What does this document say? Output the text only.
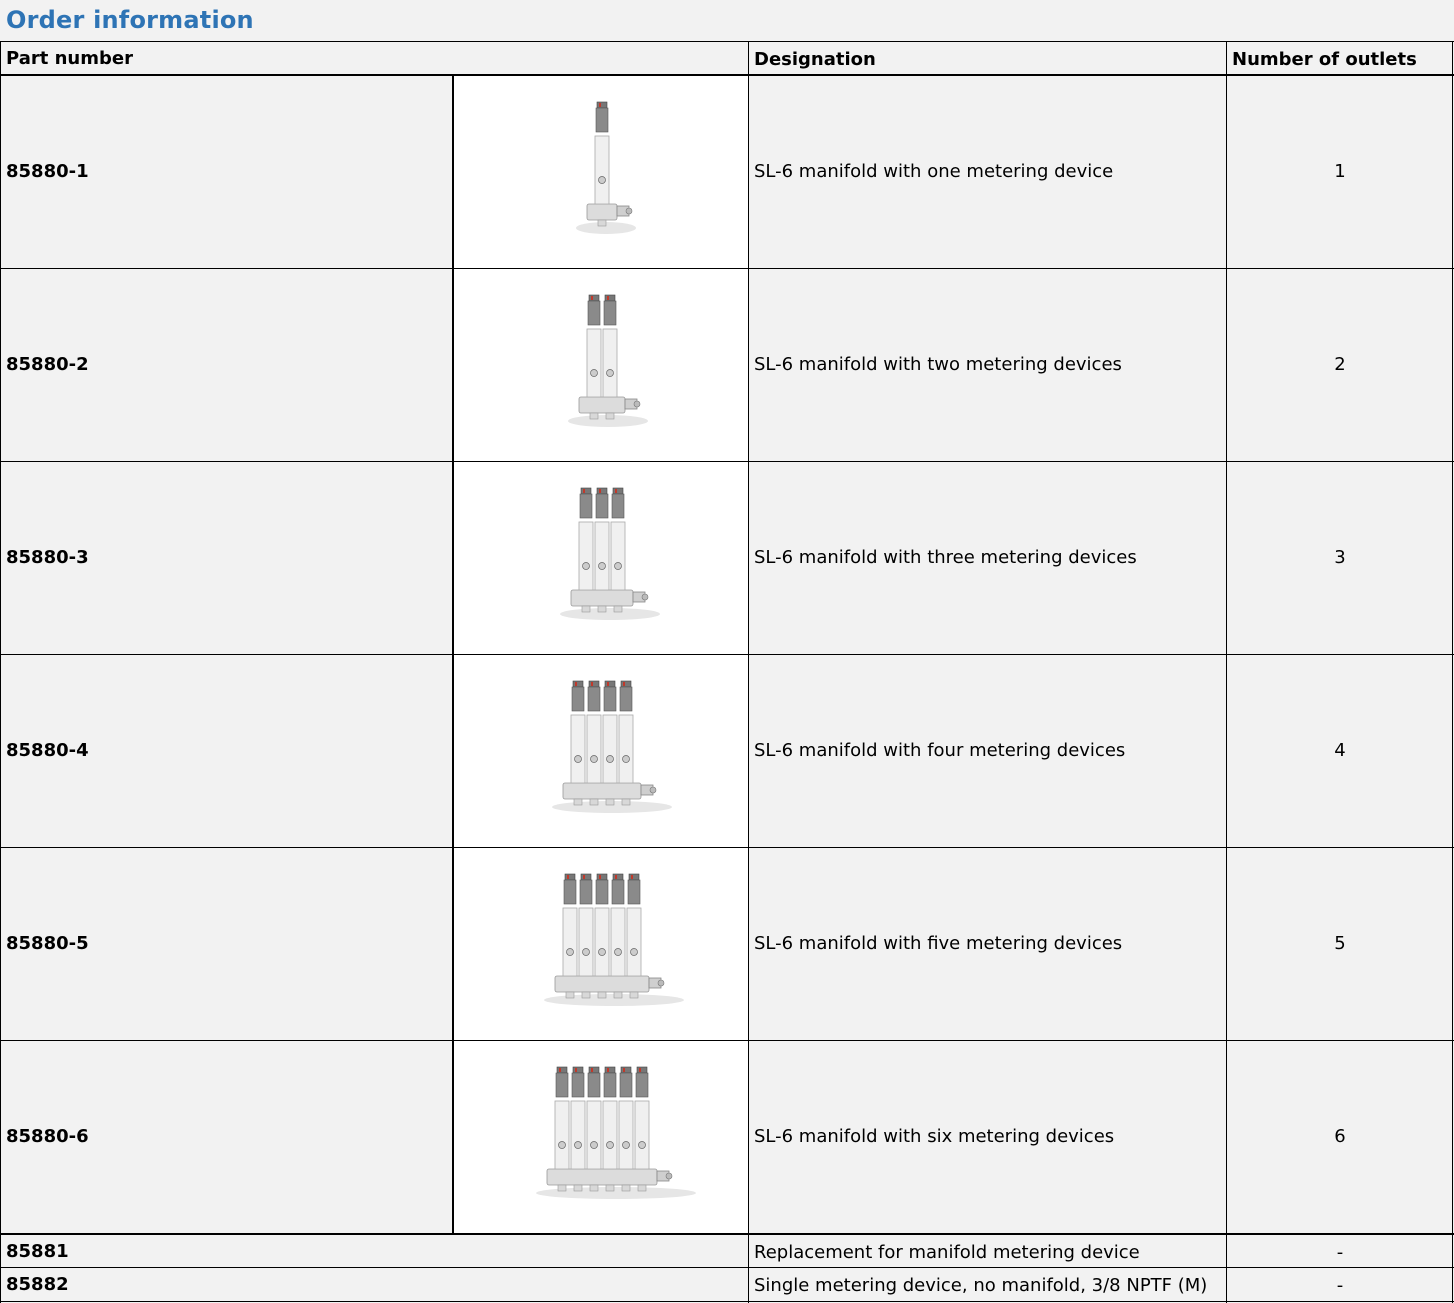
Order information
Part number	Designation	Number of outlets
85880-1	SL-6 manifold with one metering device	1
85880-2	SL-6 manifold with two metering devices	2
85880-3	SL-6 manifold with three metering devices	3
85880-4	SL-6 manifold with four metering devices	4
85880-5	SL-6 manifold with five metering devices	5
85880-6	SL-6 manifold with six metering devices	6
85881	Replacement for manifold metering device	-
85882	Single metering device, no manifold, 3/8 NPTF (M)	-
